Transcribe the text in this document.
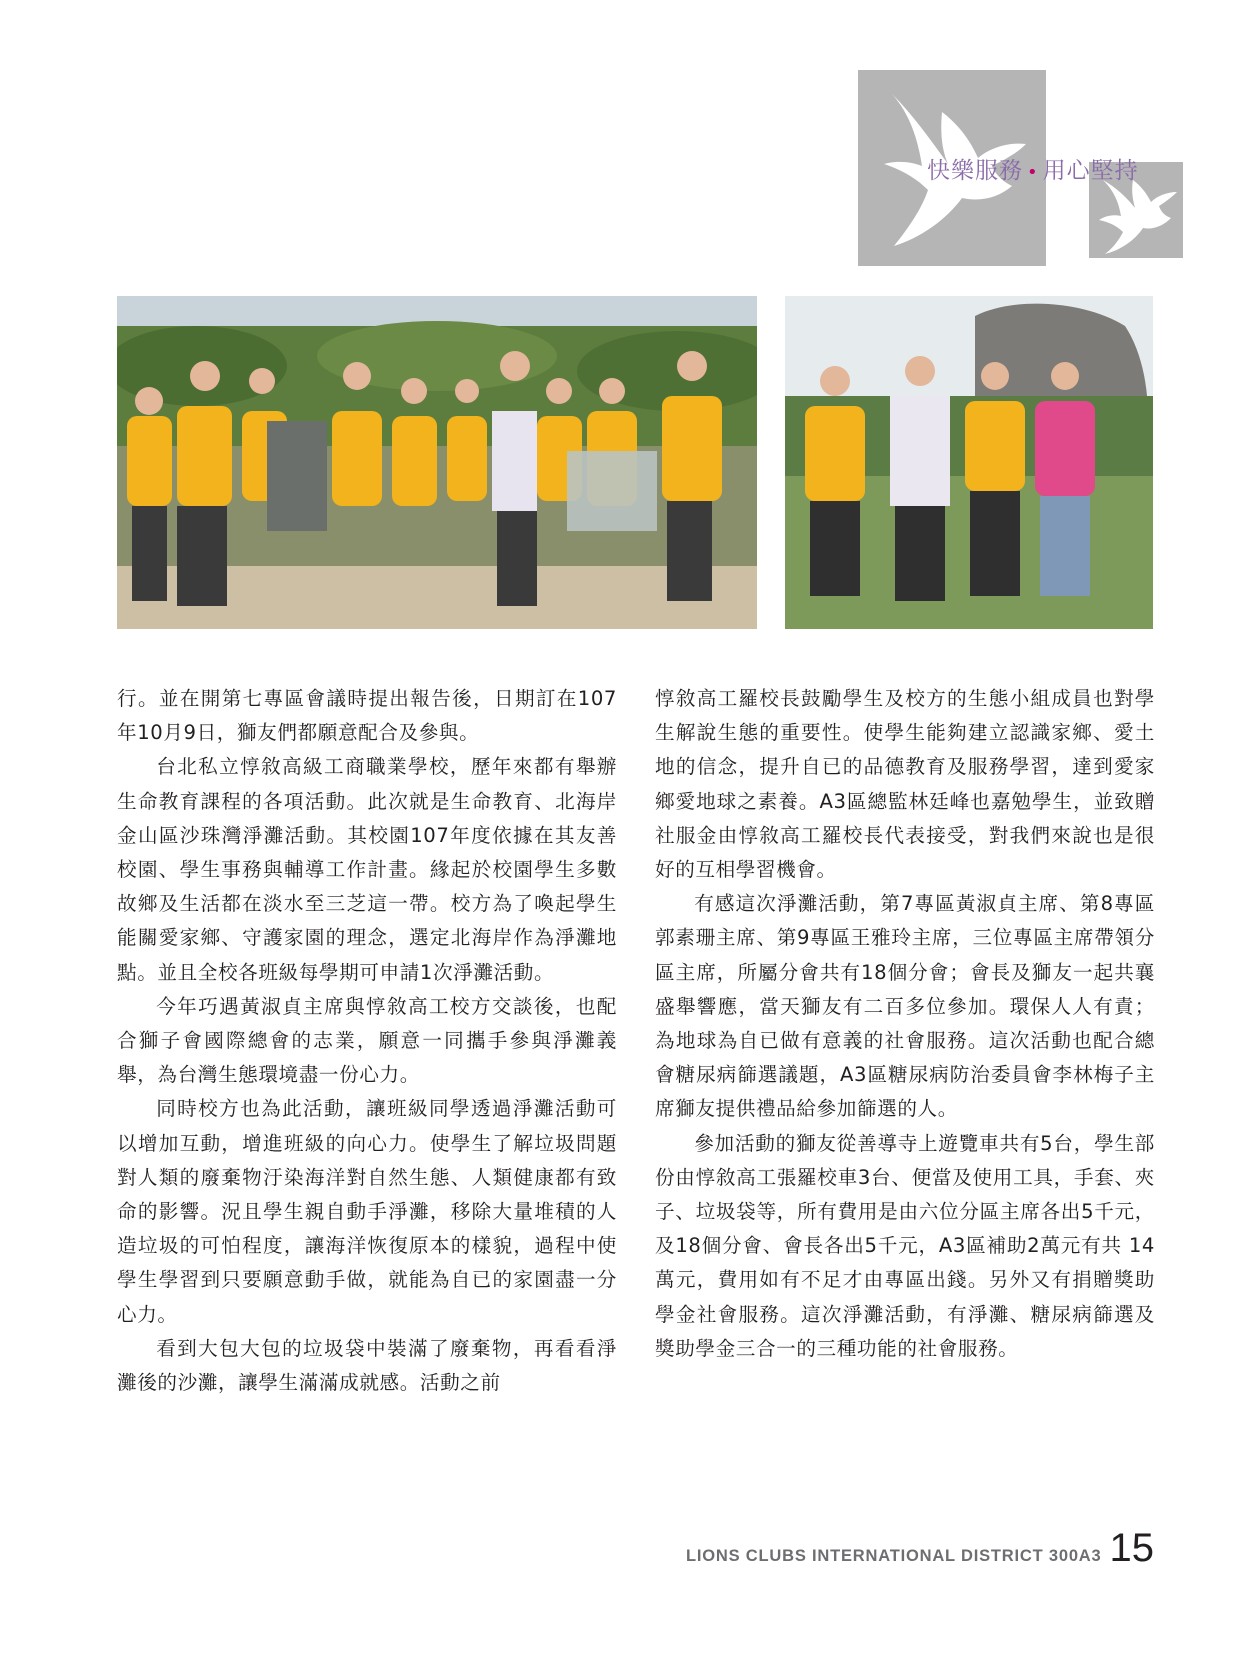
快樂服務 • 用心堅持

行。並在開第七專區會議時提出報告後，日期訂在107年10月9日，獅友們都願意配合及參與。

台北私立惇敘高級工商職業學校，歷年來都有舉辦生命教育課程的各項活動。此次就是生命教育、北海岸金山區沙珠灣淨灘活動。其校園107年度依據在其友善校園、學生事務與輔導工作計畫。緣起於校園學生多數故鄉及生活都在淡水至三芝這一帶。校方為了喚起學生能關愛家鄉、守護家園的理念，選定北海岸作為淨灘地點。並且全校各班級每學期可申請1次淨灘活動。

今年巧遇黃淑貞主席與惇敘高工校方交談後，也配合獅子會國際總會的志業，願意一同攜手參與淨灘義舉，為台灣生態環境盡一份心力。

同時校方也為此活動，讓班級同學透過淨灘活動可以增加互動，增進班級的向心力。使學生了解垃圾問題對人類的廢棄物汙染海洋對自然生態、人類健康都有致命的影響。況且學生親自動手淨灘，移除大量堆積的人造垃圾的可怕程度，讓海洋恢復原本的樣貌，過程中使學生學習到只要願意動手做，就能為自已的家園盡一分心力。

看到大包大包的垃圾袋中裝滿了廢棄物，再看看淨灘後的沙灘，讓學生滿滿成就感。活動之前

惇敘高工羅校長鼓勵學生及校方的生態小組成員也對學生解說生態的重要性。使學生能夠建立認識家鄉、愛土地的信念，提升自已的品德教育及服務學習，達到愛家鄉愛地球之素養。A3區總監林廷峰也嘉勉學生，並致贈社服金由惇敘高工羅校長代表接受，對我們來說也是很好的互相學習機會。

有感這次淨灘活動，第7專區黃淑貞主席、第8專區郭素珊主席、第9專區王雅玲主席，三位專區主席帶領分區主席，所屬分會共有18個分會；會長及獅友一起共襄盛舉響應，當天獅友有二百多位參加。環保人人有責；為地球為自已做有意義的社會服務。這次活動也配合總會糖尿病篩選議題，A3區糖尿病防治委員會李林梅子主席獅友提供禮品給參加篩選的人。

參加活動的獅友從善導寺上遊覽車共有5台，學生部份由惇敘高工張羅校車3台、便當及使用工具，手套、夾子、垃圾袋等，所有費用是由六位分區主席各出5千元，及18個分會、會長各出5千元，A3區補助2萬元有共 14萬元，費用如有不足才由專區出錢。另外又有捐贈獎助學金社會服務。這次淨灘活動，有淨灘、糖尿病篩選及獎助學金三合一的三種功能的社會服務。

LIONS CLUBS INTERNATIONAL DISTRICT 300A3 15
